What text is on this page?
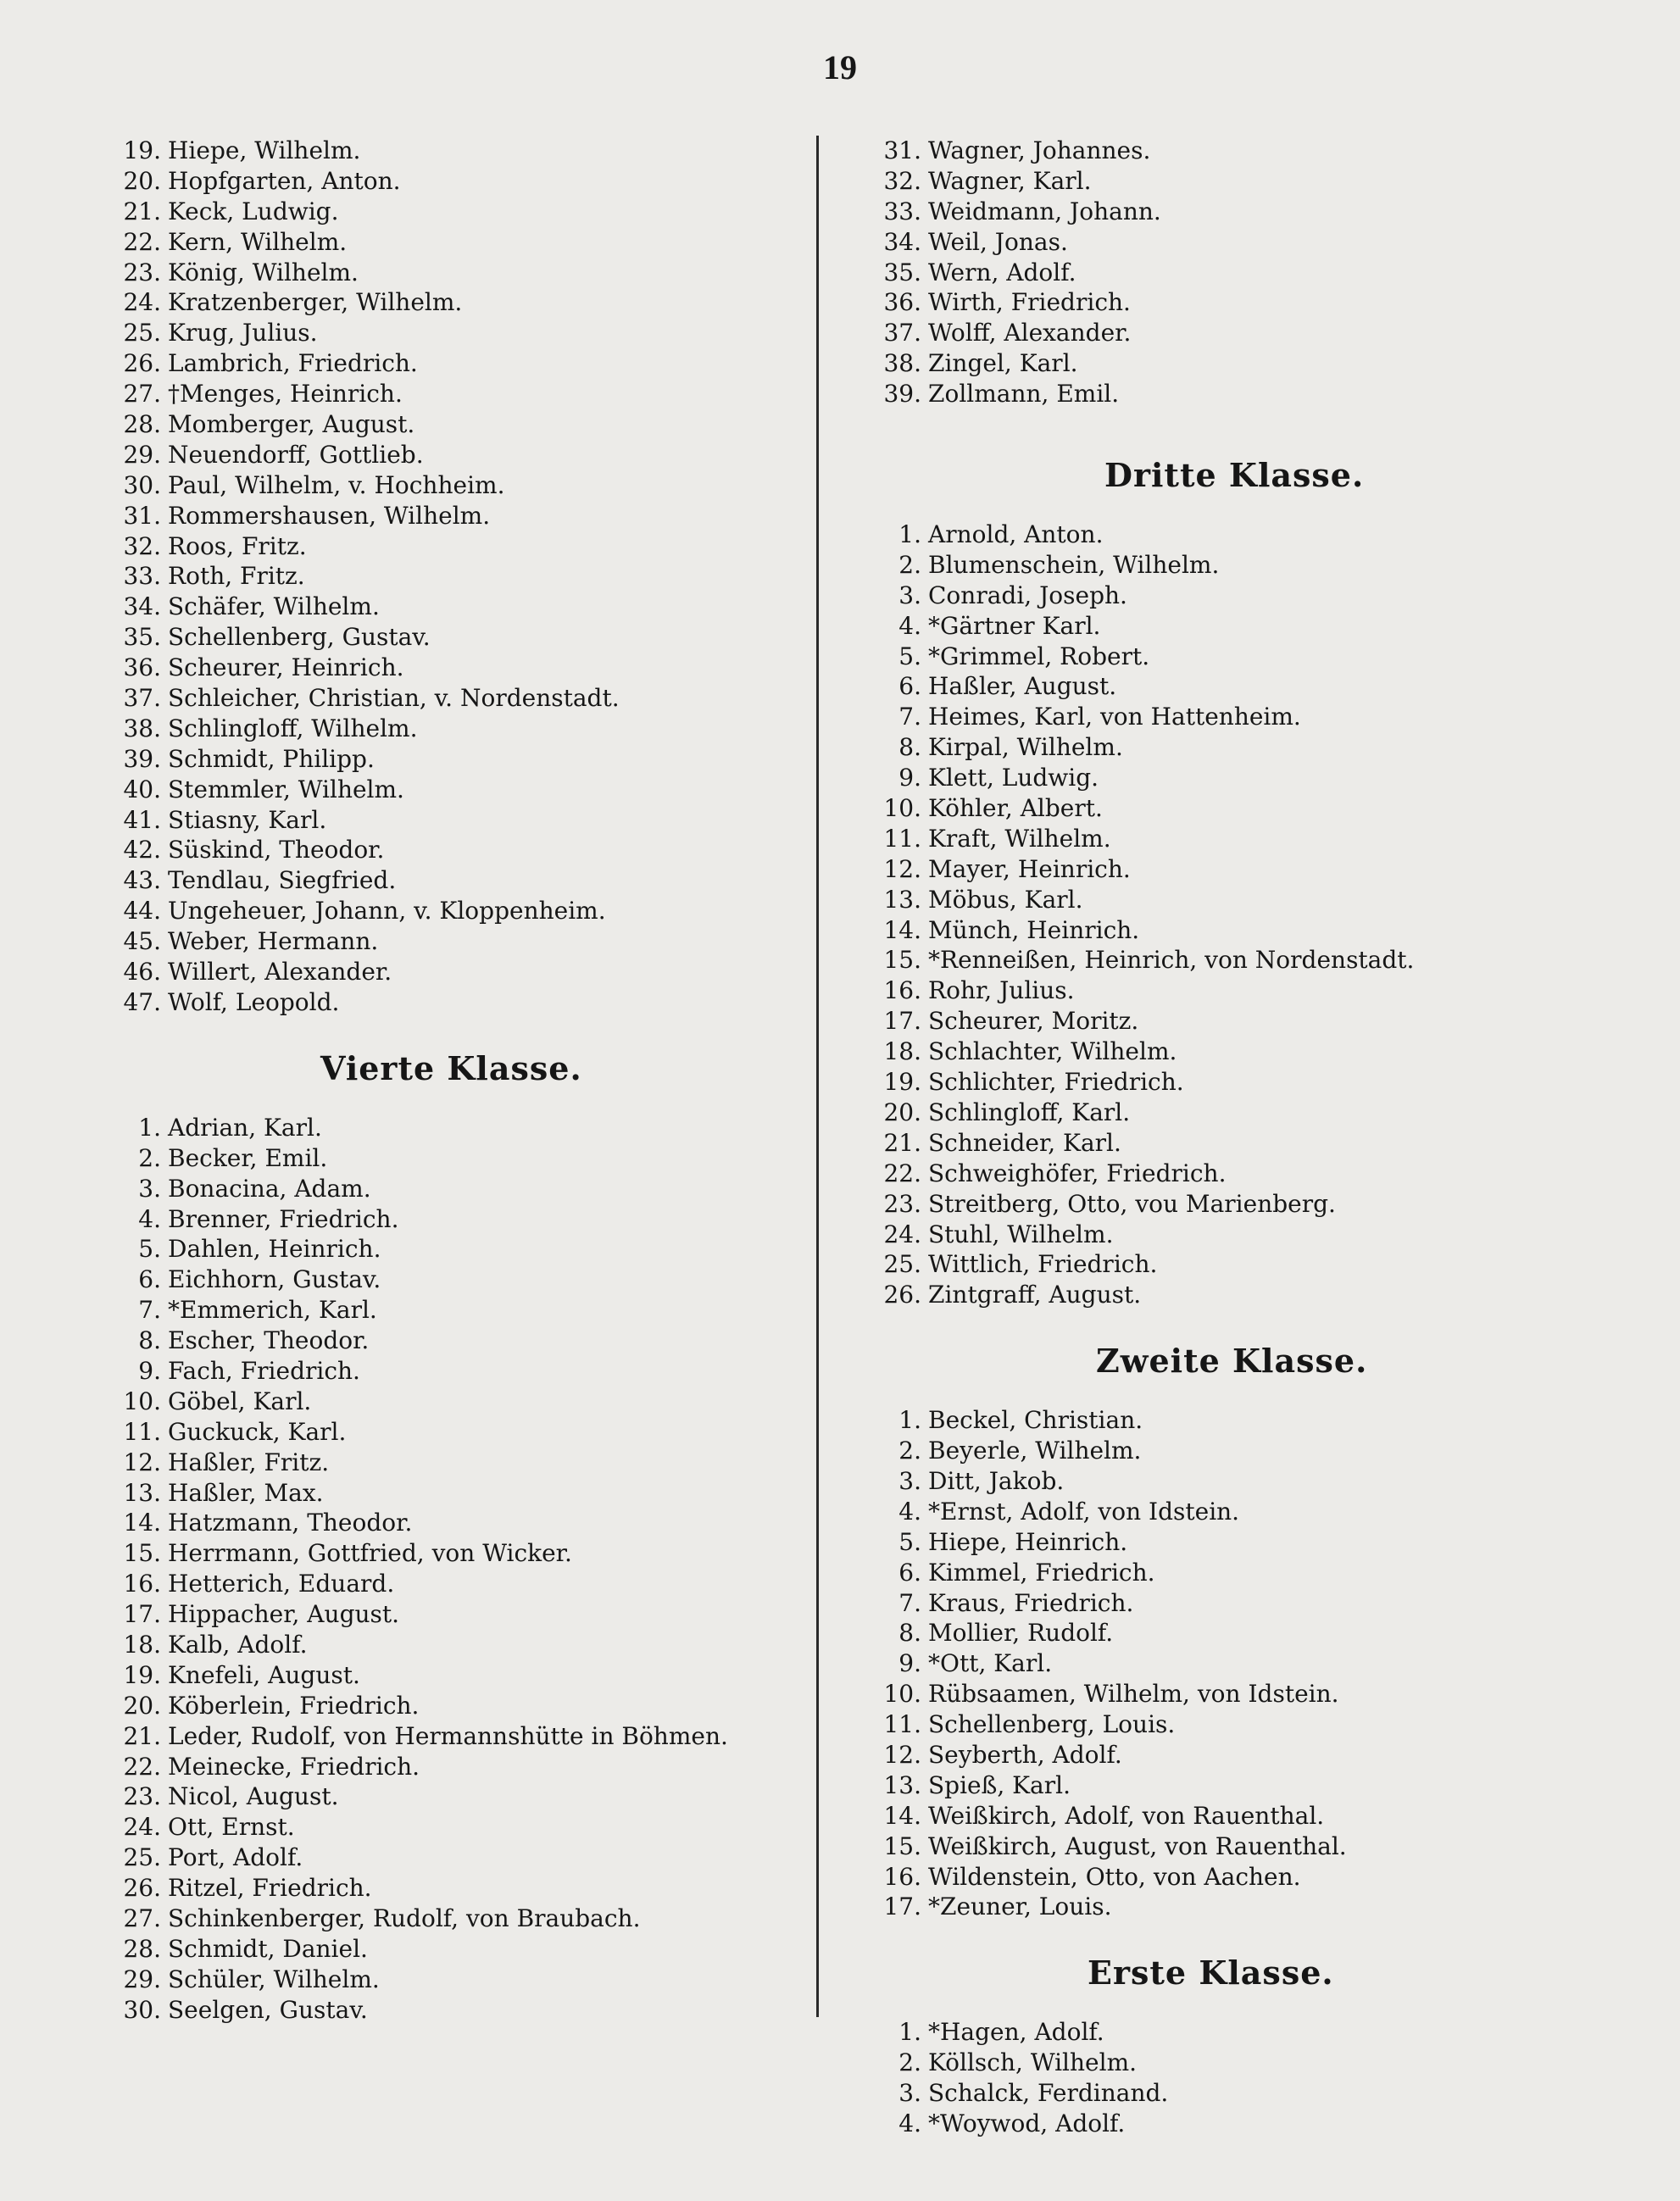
19
19. Hiepe, Wilhelm.
20. Hopfgarten, Anton.
21. Keck, Ludwig.
22. Kern, Wilhelm.
23. König, Wilhelm.
24. Kratzenberger, Wilhelm.
25. Krug, Julius.
26. Lambrich, Friedrich.
27. †Menges, Heinrich.
28. Momberger, August.
29. Neuendorff, Gottlieb.
30. Paul, Wilhelm, v. Hochheim.
31. Rommershausen, Wilhelm.
32. Roos, Fritz.
33. Roth, Fritz.
34. Schäfer, Wilhelm.
35. Schellenberg, Gustav.
36. Scheurer, Heinrich.
37. Schleicher, Christian, v. Nordenstadt.
38. Schlingloff, Wilhelm.
39. Schmidt, Philipp.
40. Stemmler, Wilhelm.
41. Stiasny, Karl.
42. Süskind, Theodor.
43. Tendlau, Siegfried.
44. Ungeheuer, Johann, v. Kloppenheim.
45. Weber, Hermann.
46. Willert, Alexander.
47. Wolf, Leopold.
Vierte Klasse.
1. Adrian, Karl.
2. Becker, Emil.
3. Bonacina, Adam.
4. Brenner, Friedrich.
5. Dahlen, Heinrich.
6. Eichhorn, Gustav.
7. *Emmerich, Karl.
8. Escher, Theodor.
9. Fach, Friedrich.
10. Göbel, Karl.
11. Guckuck, Karl.
12. Haßler, Fritz.
13. Haßler, Max.
14. Hatzmann, Theodor.
15. Herrmann, Gottfried, von Wicker.
16. Hetterich, Eduard.
17. Hippacher, August.
18. Kalb, Adolf.
19. Knefeli, August.
20. Köberlein, Friedrich.
21. Leder, Rudolf, von Hermannshütte in Böhmen.
22. Meinecke, Friedrich.
23. Nicol, August.
24. Ott, Ernst.
25. Port, Adolf.
26. Ritzel, Friedrich.
27. Schinkenberger, Rudolf, von Braubach.
28. Schmidt, Daniel.
29. Schüler, Wilhelm.
30. Seelgen, Gustav.
31. Wagner, Johannes.
32. Wagner, Karl.
33. Weidmann, Johann.
34. Weil, Jonas.
35. Wern, Adolf.
36. Wirth, Friedrich.
37. Wolff, Alexander.
38. Zingel, Karl.
39. Zollmann, Emil.
Dritte Klasse.
1. Arnold, Anton.
2. Blumenschein, Wilhelm.
3. Conradi, Joseph.
4. *Gärtner Karl.
5. *Grimmel, Robert.
6. Haßler, August.
7. Heimes, Karl, von Hattenheim.
8. Kirpal, Wilhelm.
9. Klett, Ludwig.
10. Köhler, Albert.
11. Kraft, Wilhelm.
12. Mayer, Heinrich.
13. Möbus, Karl.
14. Münch, Heinrich.
15. *Renneißen, Heinrich, von Nordenstadt.
16. Rohr, Julius.
17. Scheurer, Moritz.
18. Schlachter, Wilhelm.
19. Schlichter, Friedrich.
20. Schlingloff, Karl.
21. Schneider, Karl.
22. Schweighöfer, Friedrich.
23. Streitberg, Otto, vou Marienberg.
24. Stuhl, Wilhelm.
25. Wittlich, Friedrich.
26. Zintgraff, August.
Zweite Klasse.
1. Beckel, Christian.
2. Beyerle, Wilhelm.
3. Ditt, Jakob.
4. *Ernst, Adolf, von Idstein.
5. Hiepe, Heinrich.
6. Kimmel, Friedrich.
7. Kraus, Friedrich.
8. Mollier, Rudolf.
9. *Ott, Karl.
10. Rübsaamen, Wilhelm, von Idstein.
11. Schellenberg, Louis.
12. Seyberth, Adolf.
13. Spieß, Karl.
14. Weißkirch, Adolf, von Rauenthal.
15. Weißkirch, August, von Rauenthal.
16. Wildenstein, Otto, von Aachen.
17. *Zeuner, Louis.
Erste Klasse.
1. *Hagen, Adolf.
2. Köllsch, Wilhelm.
3. Schalck, Ferdinand.
4. *Woywod, Adolf.
